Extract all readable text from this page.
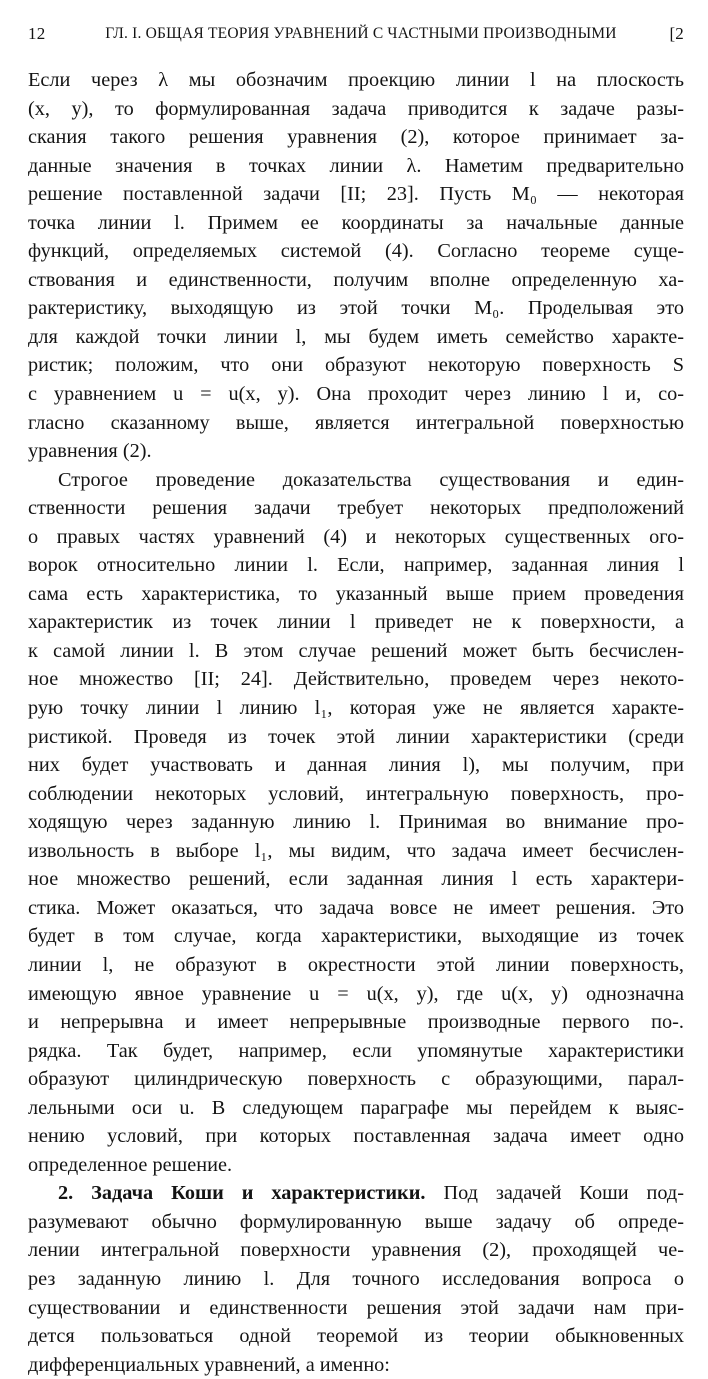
12	ГЛ. I. ОБЩАЯ ТЕОРИЯ УРАВНЕНИЙ С ЧАСТНЫМИ ПРОИЗВОДНЫМИ	[2
Если через λ мы обозначим проекцию линии l на плоскость
(x, y), то формулированная задача приводится к задаче разы-
скания такого решения уравнения (2), которое принимает за-
данные значения в точках линии λ. Наметим предварительно
решение поставленной задачи [II; 23]. Пусть M₀ — некоторая
точка линии l. Примем ее координаты за начальные данные
функций, определяемых системой (4). Согласно теореме суще-
ствования и единственности, получим вполне определенную ха-
рактеристику, выходящую из этой точки M₀. Проделывая это
для каждой точки линии l, мы будем иметь семейство характе-
ристик; положим, что они образуют некоторую поверхность S
с уравнением u = u(x, y). Она проходит через линию l и, со-
гласно сказанному выше, является интегральной поверхностью
уравнения (2).
Строгое проведение доказательства существования и един-
ственности решения задачи требует некоторых предположений
о правых частях уравнений (4) и некоторых существенных ого-
ворок относительно линии l. Если, например, заданная линия l
сама есть характеристика, то указанный выше прием проведения
характеристик из точек линии l приведет не к поверхности, а
к самой линии l. В этом случае решений может быть бесчислен-
ное множество [II; 24]. Действительно, проведем через некото-
рую точку линии l линию l₁, которая уже не является характе-
ристикой. Проведя из точек этой линии характеристики (среди
них будет участвовать и данная линия l), мы получим, при
соблюдении некоторых условий, интегральную поверхность, про-
ходящую через заданную линию l. Принимая во внимание про-
извольность в выборе l₁, мы видим, что задача имеет бесчислен-
ное множество решений, если заданная линия l есть характери-
стика. Может оказаться, что задача вовсе не имеет решения. Это
будет в том случае, когда характеристики, выходящие из точек
линии l, не образуют в окрестности этой линии поверхность,
имеющую явное уравнение u = u(x, y), где u(x, y) однозначна
и непрерывна и имеет непрерывные производные первого по-.
рядка. Так будет, например, если упомянутые характеристики
образуют цилиндрическую поверхность с образующими, парал-
лельными оси u. В следующем параграфе мы перейдем к выяс-
нению условий, при которых поставленная задача имеет одно
определенное решение.
2. Задача Коши и характеристики. Под задачей Коши под-
разумевают обычно формулированную выше задачу об опреде-
лении интегральной поверхности уравнения (2), проходящей че-
рез заданную линию l. Для точного исследования вопроса о
существовании и единственности решения этой задачи нам при-
дется пользоваться одной теоремой из теории обыкновенных
дифференциальных уравнений, а именно:
